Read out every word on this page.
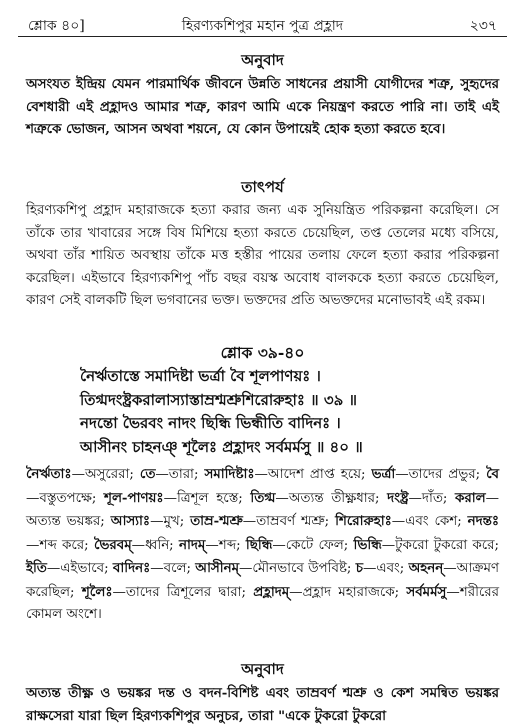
শ্লোক ৪০]	হিরণ্যকশিপুর মহান পুত্র প্রহ্লাদ	২৩৭
অনুবাদ
অসংযত ইন্দ্রিয় যেমন পারমার্থিক জীবনে উন্নতি সাধনের প্রয়াসী যোগীদের শত্রু, সুহৃদের বেশধারী এই প্রহ্লাদও আমার শত্রু, কারণ আমি একে নিয়ন্ত্রণ করতে পারি না। তাই এই শত্রুকে ভোজন, আসন অথবা শয়নে, যে কোন উপায়েই হোক হত্যা করতে হবে।
তাৎপর্য
হিরণ্যকশিপু প্রহ্লাদ মহারাজকে হত্যা করার জন্য এক সুনিয়ন্ত্রিত পরিকল্পনা করেছিল। সে তাঁকে তার খাবারের সঙ্গে বিষ মিশিয়ে হত্যা করতে চেয়েছিল, তপ্ত তেলের মধ্যে বসিয়ে, অথবা তাঁর শায়িত অবস্থায় তাঁকে মত্ত হস্তীর পায়ের তলায় ফেলে হত্যা করার পরিকল্পনা করেছিল। এইভাবে হিরণ্যকশিপু পাঁচ বছর বয়স্ক অবোধ বালককে হত্যা করতে চেয়েছিল, কারণ সেই বালকটি ছিল ভগবানের ভক্ত। ভক্তদের প্রতি অভক্তদের মনোভাবই এই রকম।
শ্লোক ৩৯-৪০
নৈর্ঋতাস্তে সমাদিষ্টা ভর্ত্রা বৈ শূলপাণয়ঃ ।
তিগ্মদংষ্ট্রকরালাস্যাস্তাম্রশ্মশ্রুশিরোরুহাঃ ॥ ৩৯ ॥
নদন্তো ভৈরবং নাদং ছিন্ধি ভিন্ধীতি বাদিনঃ ।
আসীনং চাহনঞ্ শূলৈঃ প্রহ্লাদং সর্বমর্মসু ॥ ৪০ ॥
নৈর্ঋতাঃ—অসুরেরা; তে—তারা; সমাদিষ্টাঃ—আদেশ প্রাপ্ত হয়ে; ভর্ত্রা—তাদের প্রভুর; বৈ—বস্তুতপক্ষে; শূল-পাণয়ঃ—ত্রিশূল হস্তে; তিগ্ম—অত্যন্ত তীক্ষ্ণধার; দংষ্ট্র—দাঁত; করাল—অত্যন্ত ভয়ঙ্কর; আস্যাঃ—মুখ; তাম্র-শ্মশ্রু—তাম্রবর্ণ শ্মশ্রু; শিরোরুহাঃ—এবং কেশ; নদন্তঃ—শব্দ করে; ভৈরবম্—ধ্বনি; নাদম্—শব্দ; ছিন্ধি—কেটে ফেল; ভিন্ধি—টুকরো টুকরো করে; ইতি—এইভাবে; বাদিনঃ—বলে; আসীনম্—মৌনভাবে উপবিষ্ট; চ—এবং; অহনন্—আক্রমণ করেছিল; শূলৈঃ—তাদের ত্রিশূলের দ্বারা; প্রহ্লাদম্—প্রহ্লাদ মহারাজকে; সর্বমর্মসু—শরীরের কোমল অংশে।
অনুবাদ
অত্যন্ত তীক্ষ্ণ ও ভয়ঙ্কর দন্ত ও বদন-বিশিষ্ট এবং তাম্রবর্ণ শ্মশ্রু ও কেশ সমন্বিত ভয়ঙ্কর রাক্ষসেরা যারা ছিল হিরণ্যকশিপুর অনুচর, তারা "একে টুকরো টুকরো
